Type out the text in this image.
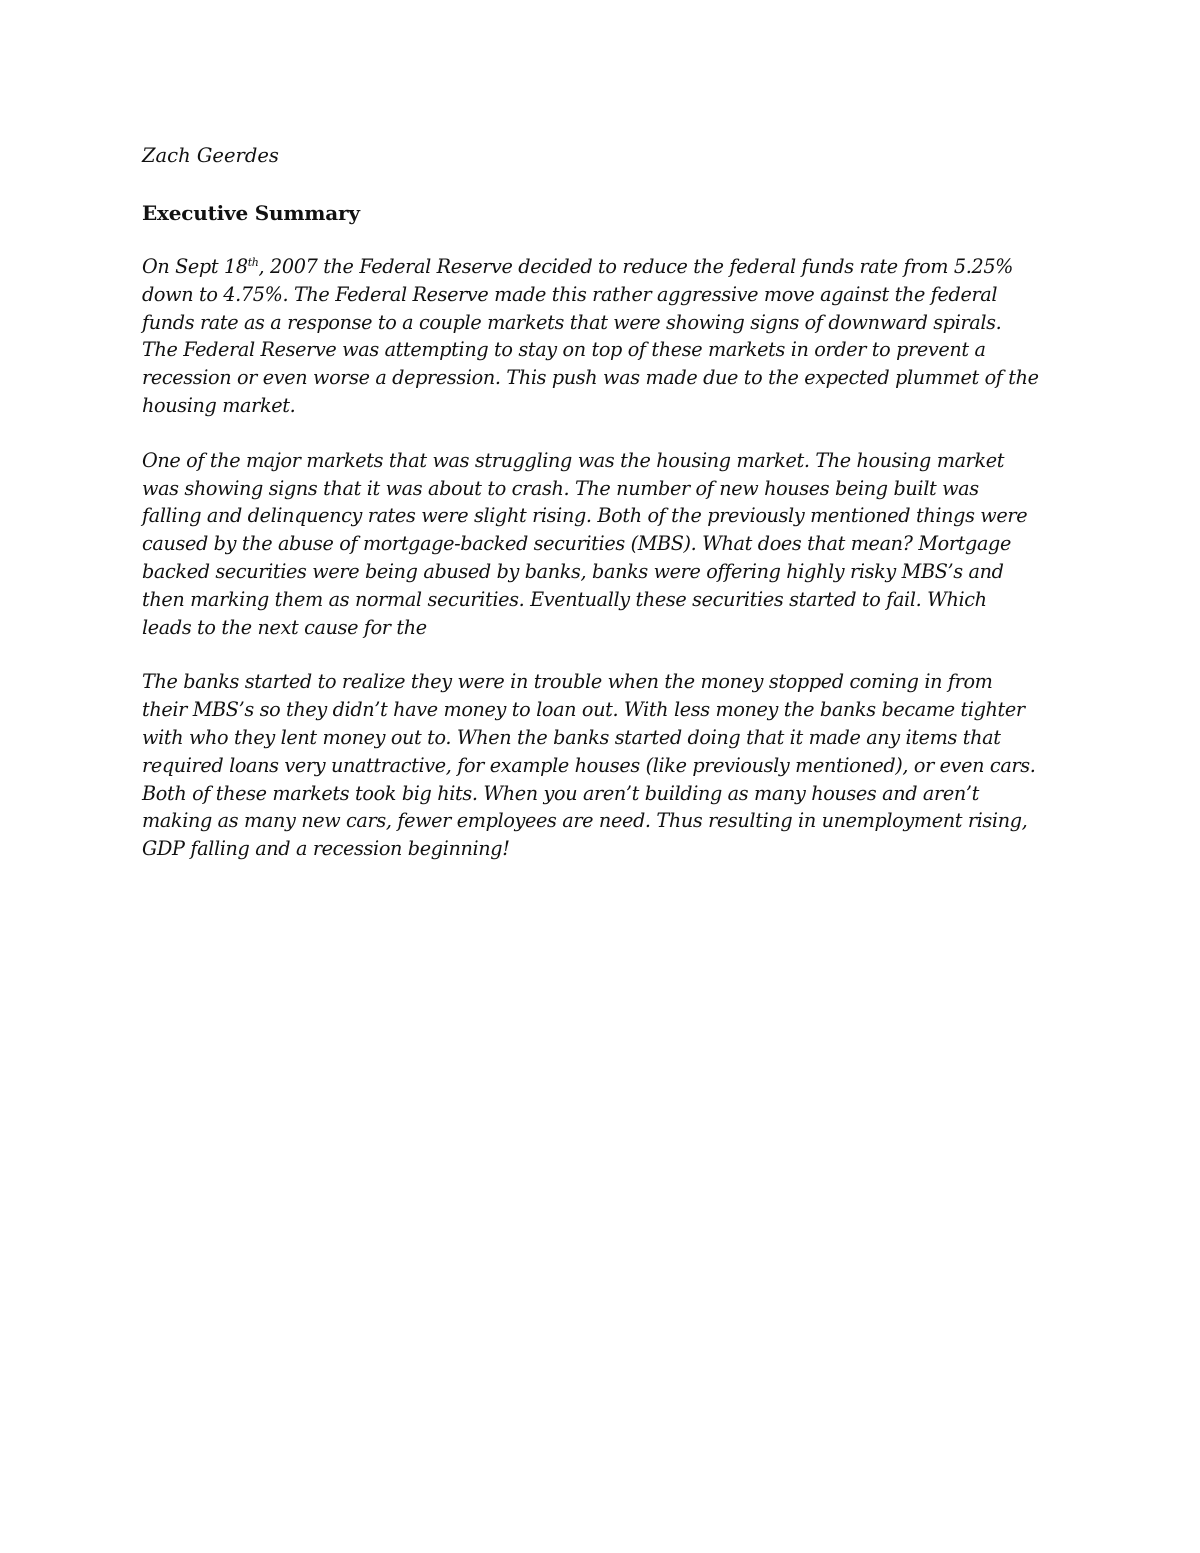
Zach Geerdes
Executive Summary
On Sept 18th, 2007 the Federal Reserve decided to reduce the federal funds rate from 5.25%
down to 4.75%. The Federal Reserve made this rather aggressive move against the federal
funds rate as a response to a couple markets that were showing signs of downward spirals.
The Federal Reserve was attempting to stay on top of these markets in order to prevent a
recession or even worse a depression. This push was made due to the expected plummet of the
housing market.
One of the major markets that was struggling was the housing market. The housing market
was showing signs that it was about to crash. The number of new houses being built was
falling and delinquency rates were slight rising. Both of the previously mentioned things were
caused by the abuse of mortgage-backed securities (MBS). What does that mean? Mortgage
backed securities were being abused by banks, banks were offering highly risky MBS’s and
then marking them as normal securities. Eventually these securities started to fail. Which
leads to the next cause for the
The banks started to realize they were in trouble when the money stopped coming in from
their MBS’s so they didn’t have money to loan out. With less money the banks became tighter
with who they lent money out to. When the banks started doing that it made any items that
required loans very unattractive, for example houses (like previously mentioned), or even cars.
Both of these markets took big hits. When you aren’t building as many houses and aren’t
making as many new cars, fewer employees are need. Thus resulting in unemployment rising,
GDP falling and a recession beginning!
